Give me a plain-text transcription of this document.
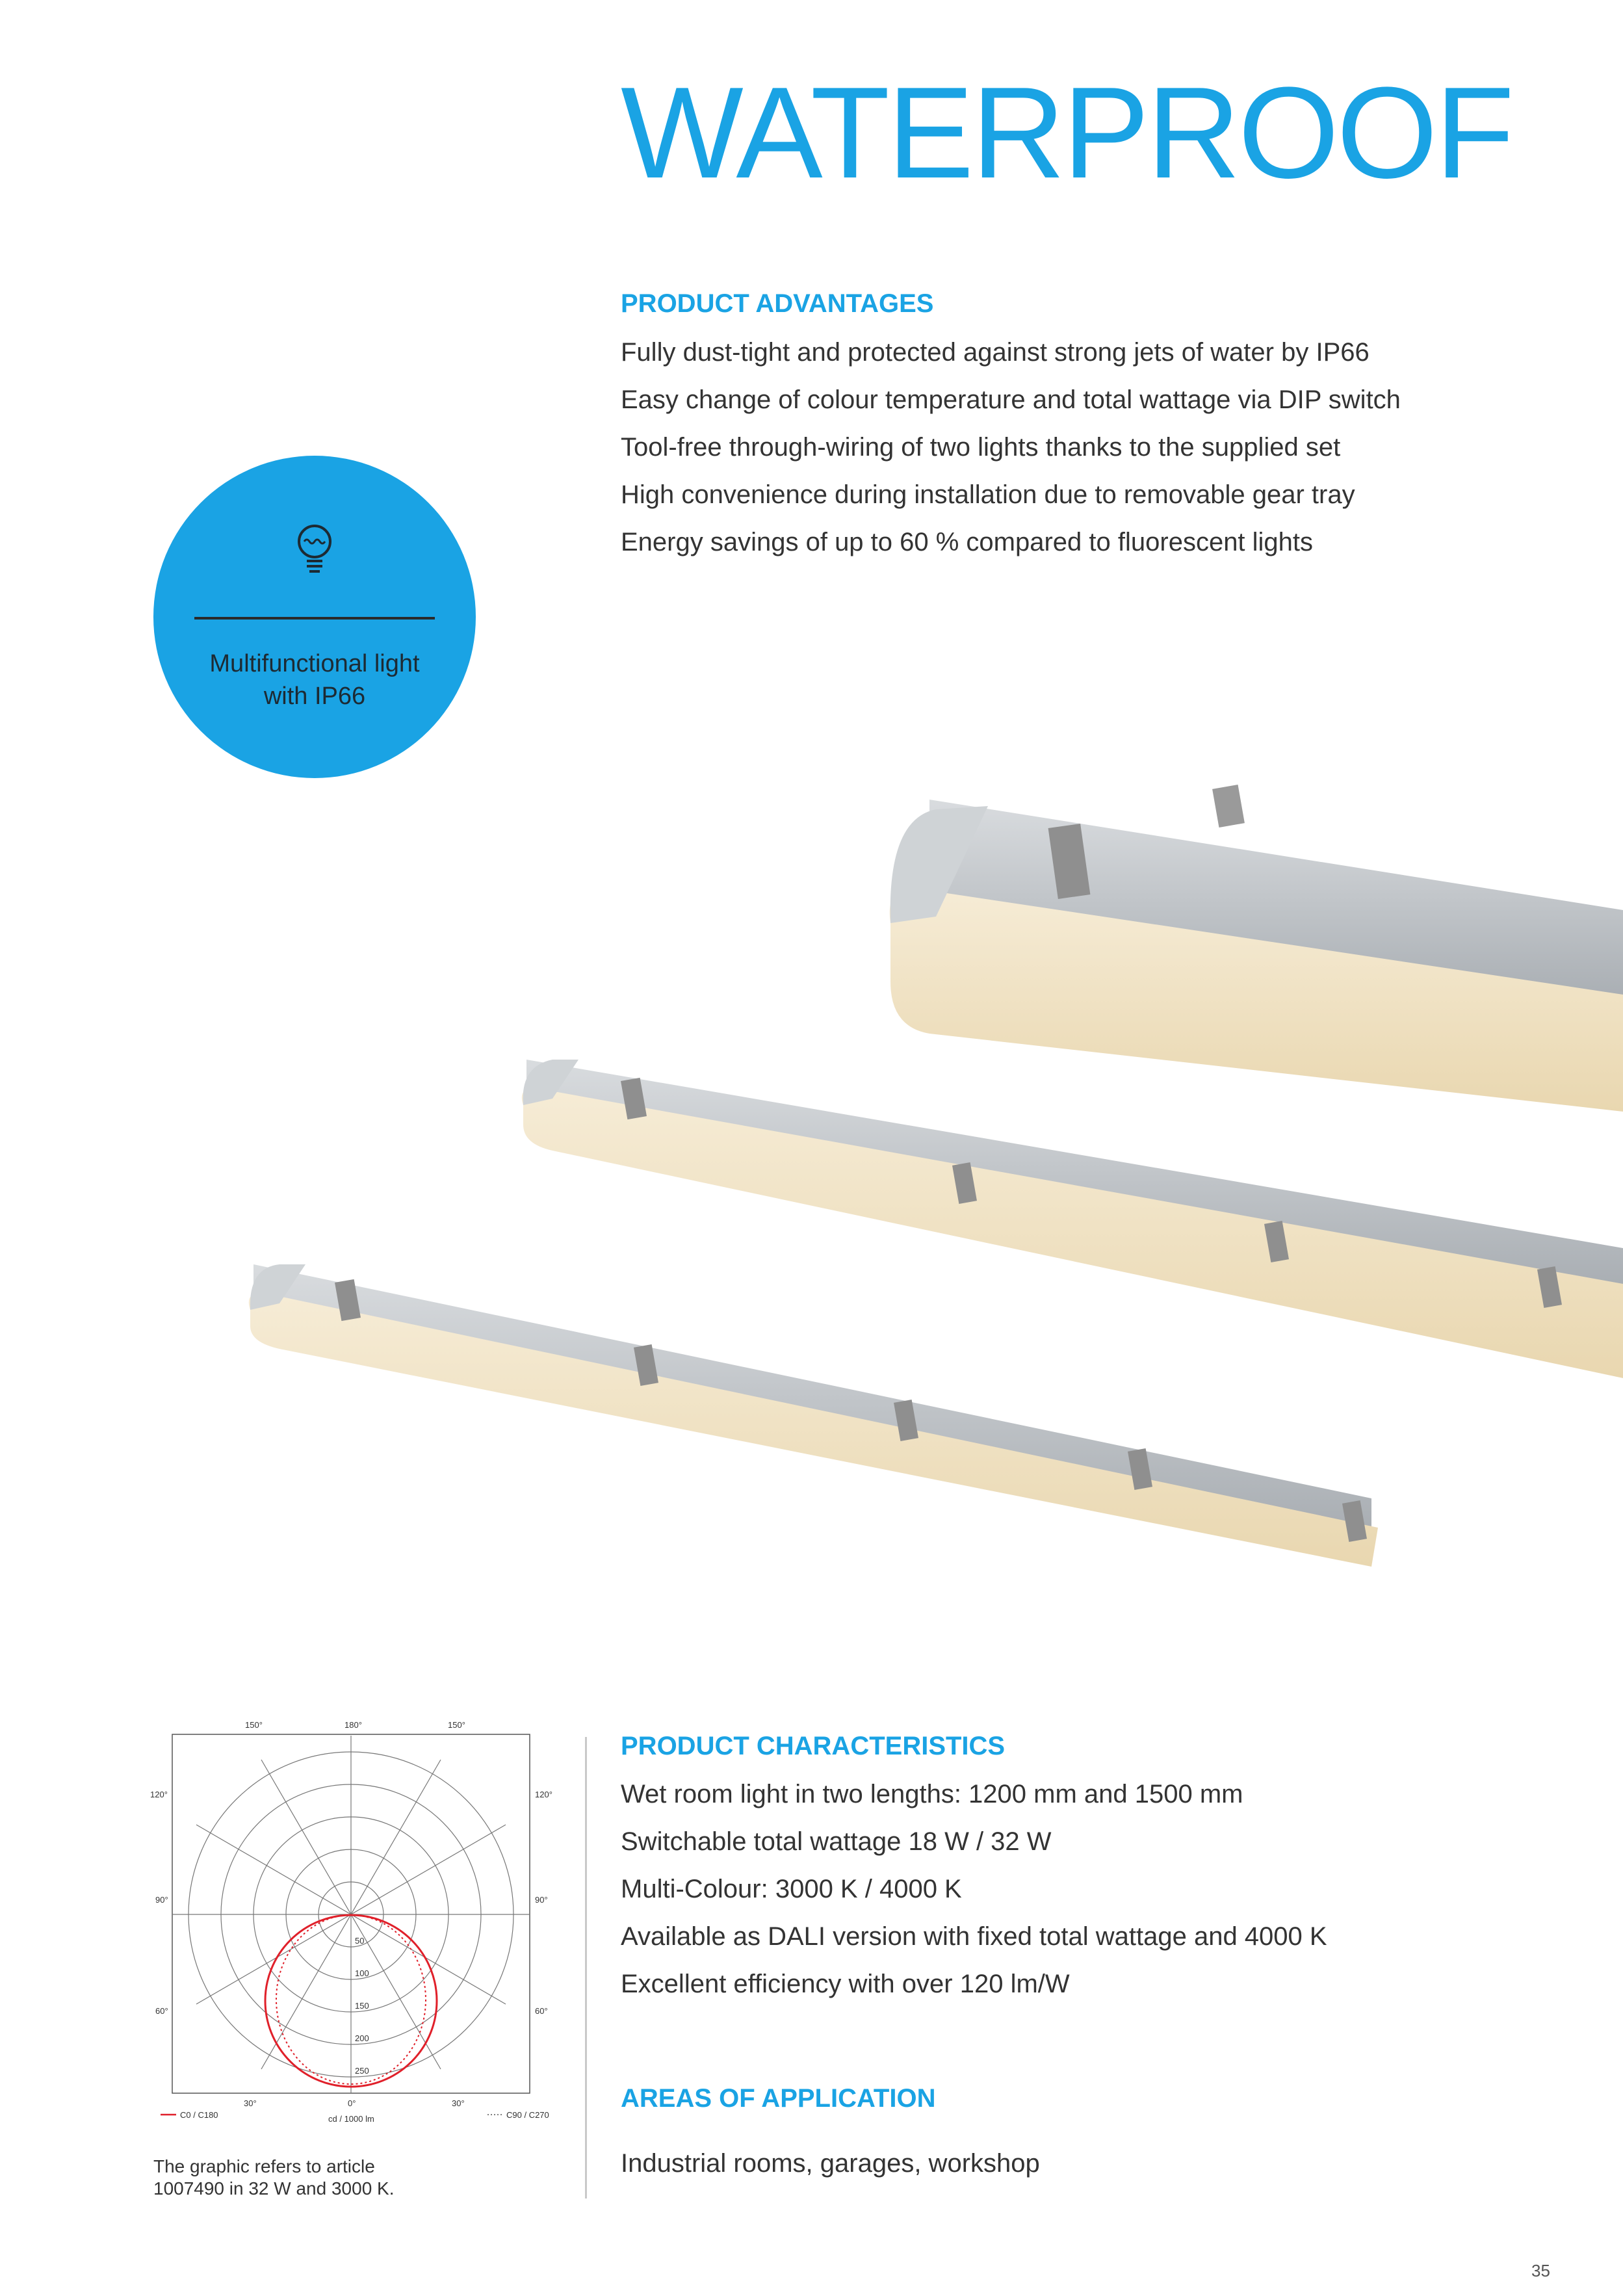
WATERPROOF
PRODUCT ADVANTAGES
Fully dust-tight and protected against strong jets of water by IP66
Easy change of colour temperature and total wattage via DIP switch
Tool-free through-wiring of two lights thanks to the supplied set
High convenience during installation due to removable gear tray
Energy savings of up to 60 % compared to fluorescent lights
Multifunctional light
with IP66
150°	180°	150°
120°
90°
60°
120°
90°
60°
30°	0°	30°
50
100
150
200
250
C0 / C180	cd / 1000 lm	C90 / C270
The graphic refers to article
1007490 in 32 W and 3000 K.
PRODUCT CHARACTERISTICS
Wet room light in two lengths: 1200 mm and 1500 mm
Switchable total wattage 18 W / 32 W
Multi-Colour: 3000 K / 4000 K
Available as DALI version with fixed total wattage and 4000 K
Excellent efficiency with over 120 lm/W
AREAS OF APPLICATION
Industrial rooms, garages, workshop
35
